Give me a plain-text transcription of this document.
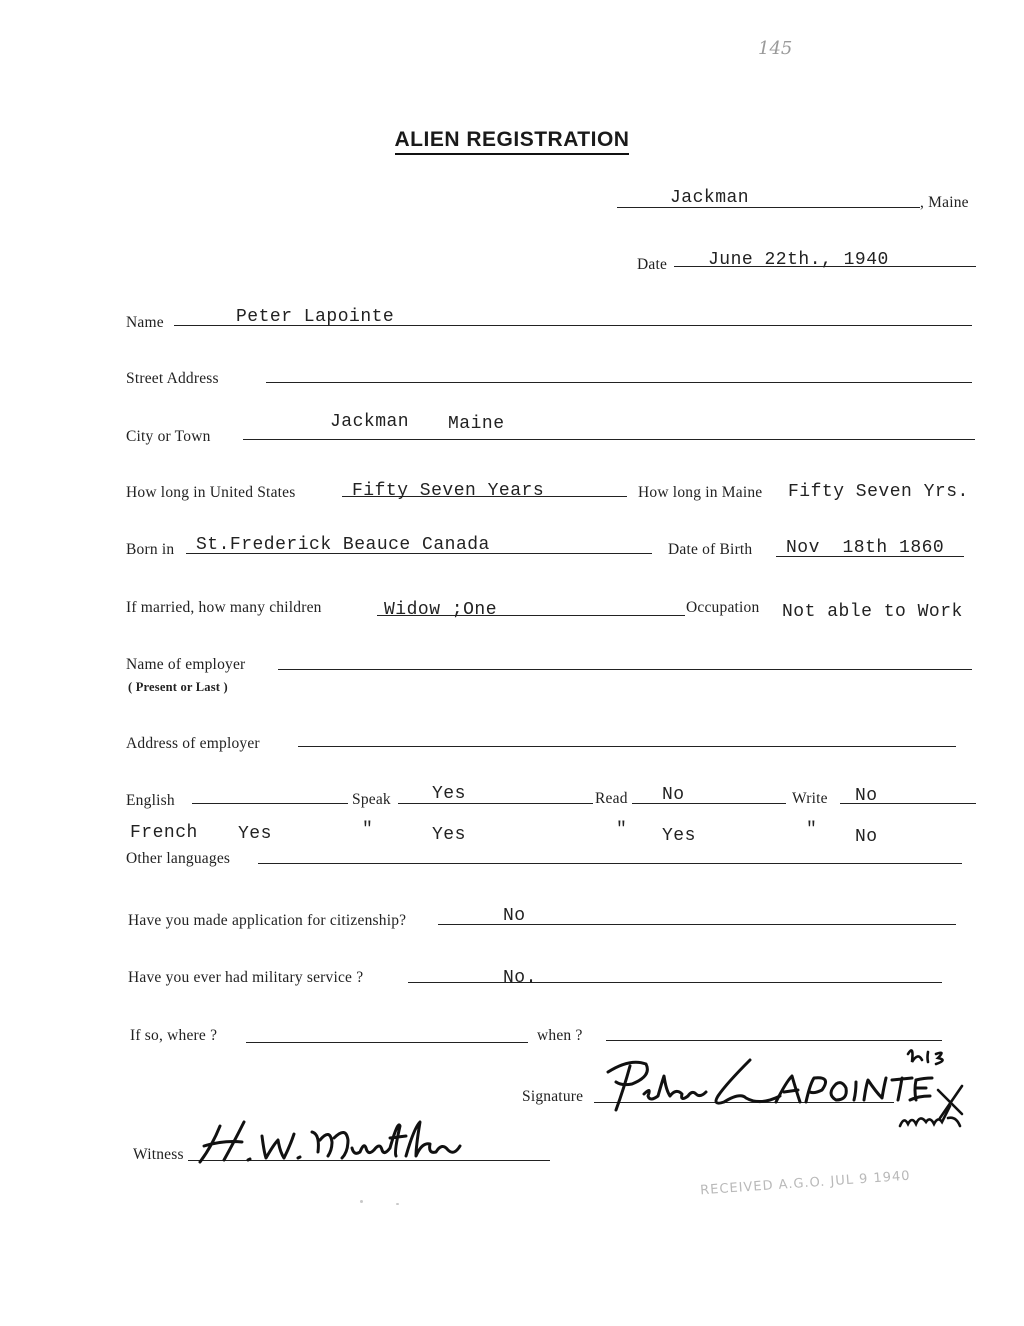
145
ALIEN REGISTRATION
Jackman	, Maine
Date June 22th., 1940
Name	Peter Lapointe
Street Address
City or Town
Jackman Maine
How long in United States	Fifty Seven Years	How long in Maine Fifty Seven Yrs.
Born in St.Frederick Beauce Canada	Date of Birth Nov  18th 1860
If married, how many children	Widow ;One	Occupation Not able to Work
Name of employer
( Present or Last )
Address of employer
English	Speak Yes	Read No	Write No
French Yes	"	Yes	" Yes	" No
Other languages
Have you made application for citizenship?	No
Have you ever had military service ?	No.
If so, where ?	when ?
Signature
Witness
RECEIVED A.G.O. JUL 9 1940
